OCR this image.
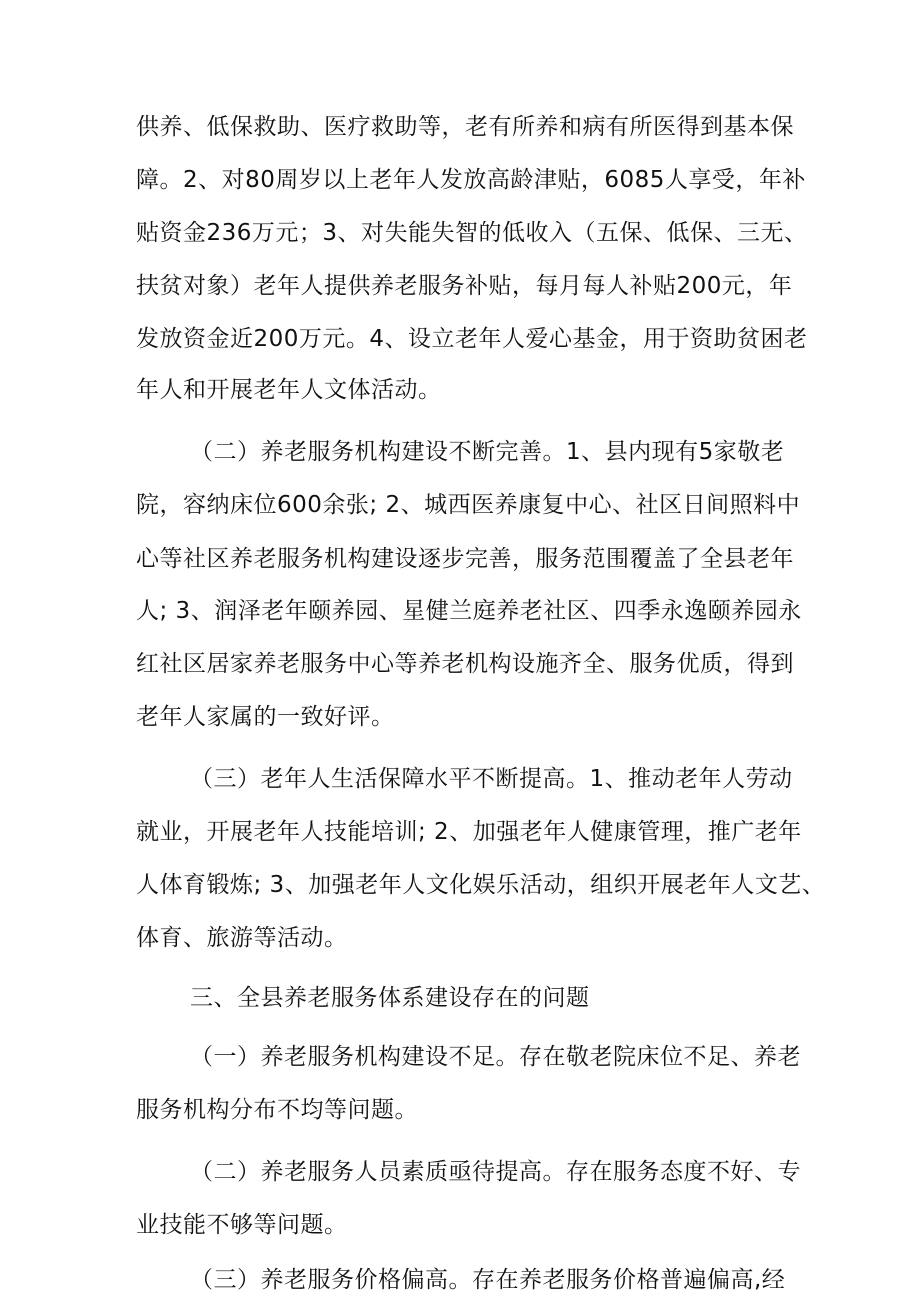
供养、低保救助、医疗救助等，老有所养和病有所医得到基本保
障。2、对80周岁以上老年人发放高龄津贴，6085人享受，年补
贴资金236万元；3、对失能失智的低收入（五保、低保、三无、
扶贫对象）老年人提供养老服务补贴，每月每人补贴200元，年
发放资金近200万元。4、设立老年人爱心基金，用于资助贫困老
年人和开展老年人文体活动。
（二）养老服务机构建设不断完善。1、县内现有5家敬老
院，容纳床位600余张; 2、城西医养康复中心、社区日间照料中
心等社区养老服务机构建设逐步完善，服务范围覆盖了全县老年
人; 3、润泽老年颐养园、星健兰庭养老社区、四季永逸颐养园永
红社区居家养老服务中心等养老机构设施齐全、服务优质，得到
老年人家属的一致好评。
（三）老年人生活保障水平不断提高。1、推动老年人劳动
就业，开展老年人技能培训; 2、加强老年人健康管理，推广老年
人体育锻炼; 3、加强老年人文化娱乐活动，组织开展老年人文艺、
体育、旅游等活动。
三、全县养老服务体系建设存在的问题
（一）养老服务机构建设不足。存在敬老院床位不足、养老
服务机构分布不均等问题。
（二）养老服务人员素质亟待提高。存在服务态度不好、专
业技能不够等问题。
（三）养老服务价格偏高。存在养老服务价格普遍偏高,经
